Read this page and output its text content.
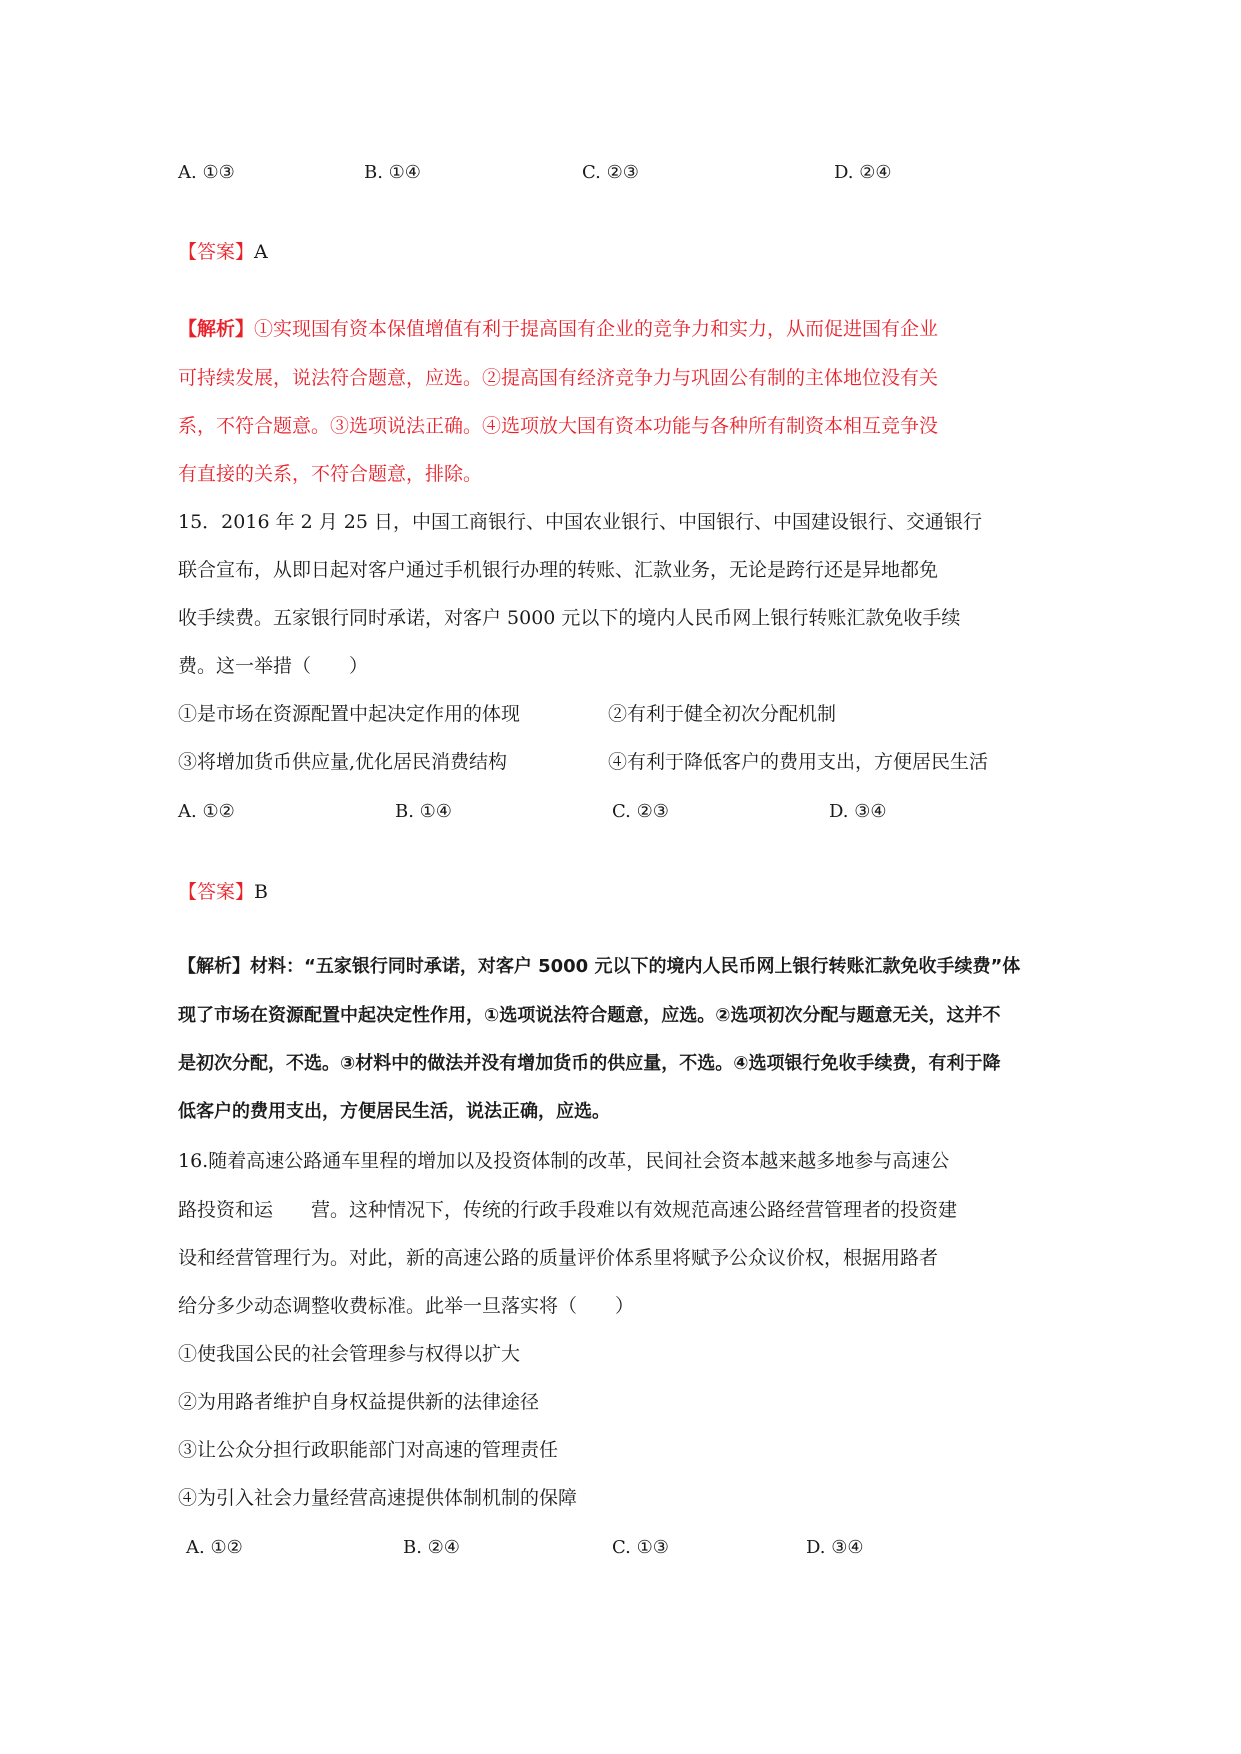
A. ①③	B. ①④	C. ②③	D. ②④
【答案】A
【解析】①实现国有资本保值增值有利于提高国有企业的竞争力和实力，从而促进国有企业
可持续发展，说法符合题意，应选。②提高国有经济竞争力与巩固公有制的主体地位没有关
系，不符合题意。③选项说法正确。④选项放大国有资本功能与各种所有制资本相互竞争没
有直接的关系，不符合题意，排除。
15．2016 年 2 月 25 日，中国工商银行、中国农业银行、中国银行、中国建设银行、交通银行
联合宣布，从即日起对客户通过手机银行办理的转账、汇款业务，无论是跨行还是异地都免
收手续费。五家银行同时承诺，对客户 5000 元以下的境内人民币网上银行转账汇款免收手续
费。这一举措（　　）
①是市场在资源配置中起决定作用的体现	②有利于健全初次分配机制
③将增加货币供应量,优化居民消费结构	④有利于降低客户的费用支出，方便居民生活
A. ①②	B. ①④	C. ②③	D. ③④
【答案】B
【解析】材料：“五家银行同时承诺，对客户 5000 元以下的境内人民币网上银行转账汇款免收手续费”体
现了市场在资源配置中起决定性作用，①选项说法符合题意，应选。②选项初次分配与题意无关，这并不
是初次分配，不选。③材料中的做法并没有增加货币的供应量，不选。④选项银行免收手续费，有利于降
低客户的费用支出，方便居民生活，说法正确，应选。
16.随着高速公路通车里程的增加以及投资体制的改革，民间社会资本越来越多地参与高速公
路投资和运　　营。这种情况下，传统的行政手段难以有效规范高速公路经营管理者的投资建
设和经营管理行为。对此，新的高速公路的质量评价体系里将赋予公众议价权，根据用路者
给分多少动态调整收费标准。此举一旦落实将（　　）
①使我国公民的社会管理参与权得以扩大
②为用路者维护自身权益提供新的法律途径
③让公众分担行政职能部门对高速的管理责任
④为引入社会力量经营高速提供体制机制的保障
A. ①②	B. ②④	C. ①③	D. ③④
